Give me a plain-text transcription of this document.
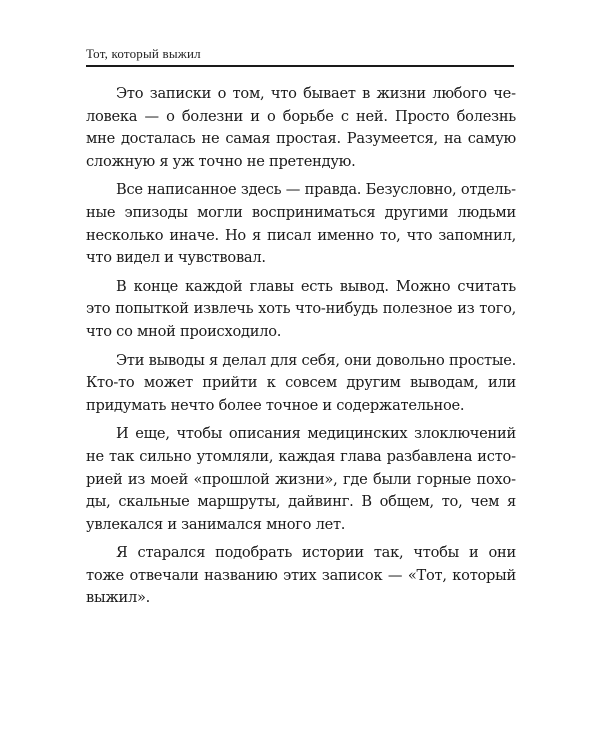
Тот, который выжил

Это записки о том, что бывает в жизни любого человека — о болезни и о борьбе с ней. Просто болезнь мне досталась не самая простая. Разумеется, на самую сложную я уж точно не претендую.

Все написанное здесь — правда. Безусловно, отдельные эпизоды могли восприниматься другими людьми несколько иначе. Но я писал именно то, что запомнил, что видел и чувствовал.

В конце каждой главы есть вывод. Можно считать это попыткой извлечь хоть что-нибудь полезное из того, что со мной происходило.

Эти выводы я делал для себя, они довольно простые. Кто-то может прийти к совсем другим выводам, или придумать нечто более точное и содержательное.

И еще, чтобы описания медицинских злоключений не так сильно утомляли, каждая глава разбавлена историей из моей «прошлой жизни», где были горные походы, скальные маршруты, дайвинг. В общем, то, чем я увлекался и занимался много лет.

Я старался подобрать истории так, чтобы и они тоже отвечали названию этих записок — «Тот, который выжил».
